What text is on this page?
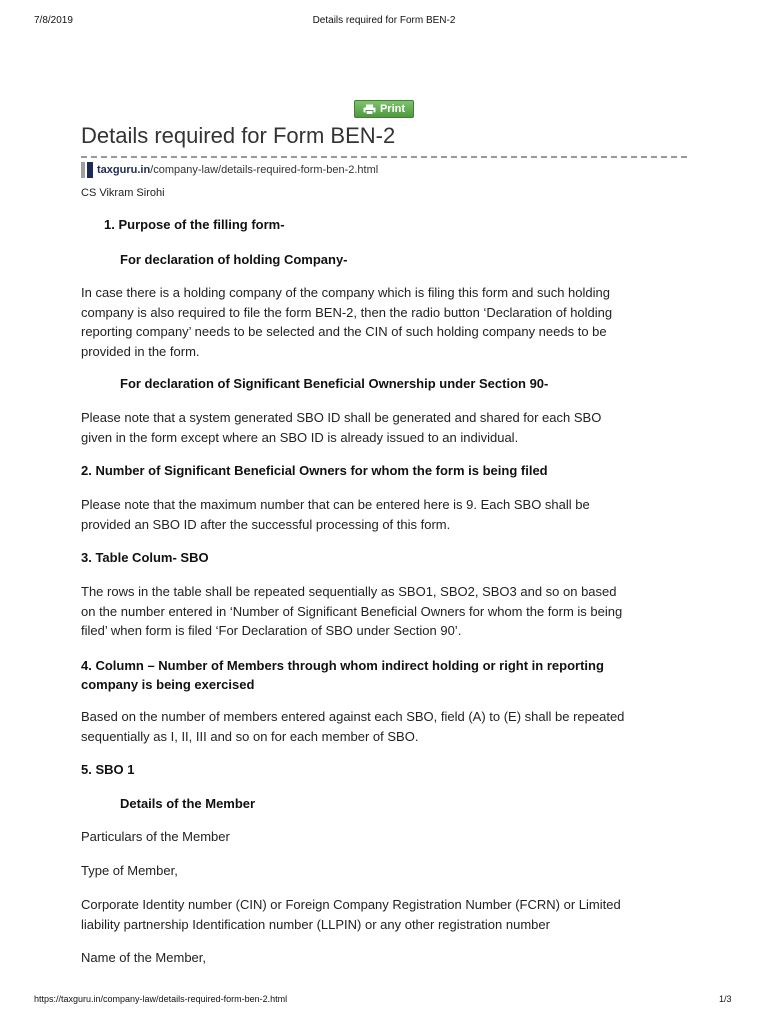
7/8/2019	Details required for Form BEN-2
Print
Details required for Form BEN-2
taxguru.in /company-law/details-required-form-ben-2.html
CS Vikram Sirohi
1. Purpose of the filling form-
For declaration of holding Company-
In case there is a holding company of the company which is filing this form and such holding
company is also required to file the form BEN-2, then the radio button ‘Declaration of holding
reporting company’ needs to be selected and the CIN of such holding company needs to be
provided in the form.
For declaration of Significant Beneficial Ownership under Section 90-
Please note that a system generated SBO ID shall be generated and shared for each SBO
given in the form except where an SBO ID is already issued to an individual.
2. Number of Significant Beneficial Owners for whom the form is being filed
Please note that the maximum number that can be entered here is 9. Each SBO shall be
provided an SBO ID after the successful processing of this form.
3. Table Colum- SBO
The rows in the table shall be repeated sequentially as SBO1, SBO2, SBO3 and so on based
on the number entered in ‘Number of Significant Beneficial Owners for whom the form is being
filed’ when form is filed ‘For Declaration of SBO under Section 90’.
4. Column – Number of Members through whom indirect holding or right in reporting
company is being exercised
Based on the number of members entered against each SBO, field (A) to (E) shall be repeated
sequentially as I, II, III and so on for each member of SBO.
5. SBO 1
Details of the Member
Particulars of the Member
Type of Member,
Corporate Identity number (CIN) or Foreign Company Registration Number (FCRN) or Limited
liability partnership Identification number (LLPIN) or any other registration number
Name of the Member,
https://taxguru.in/company-law/details-required-form-ben-2.html	1/3
